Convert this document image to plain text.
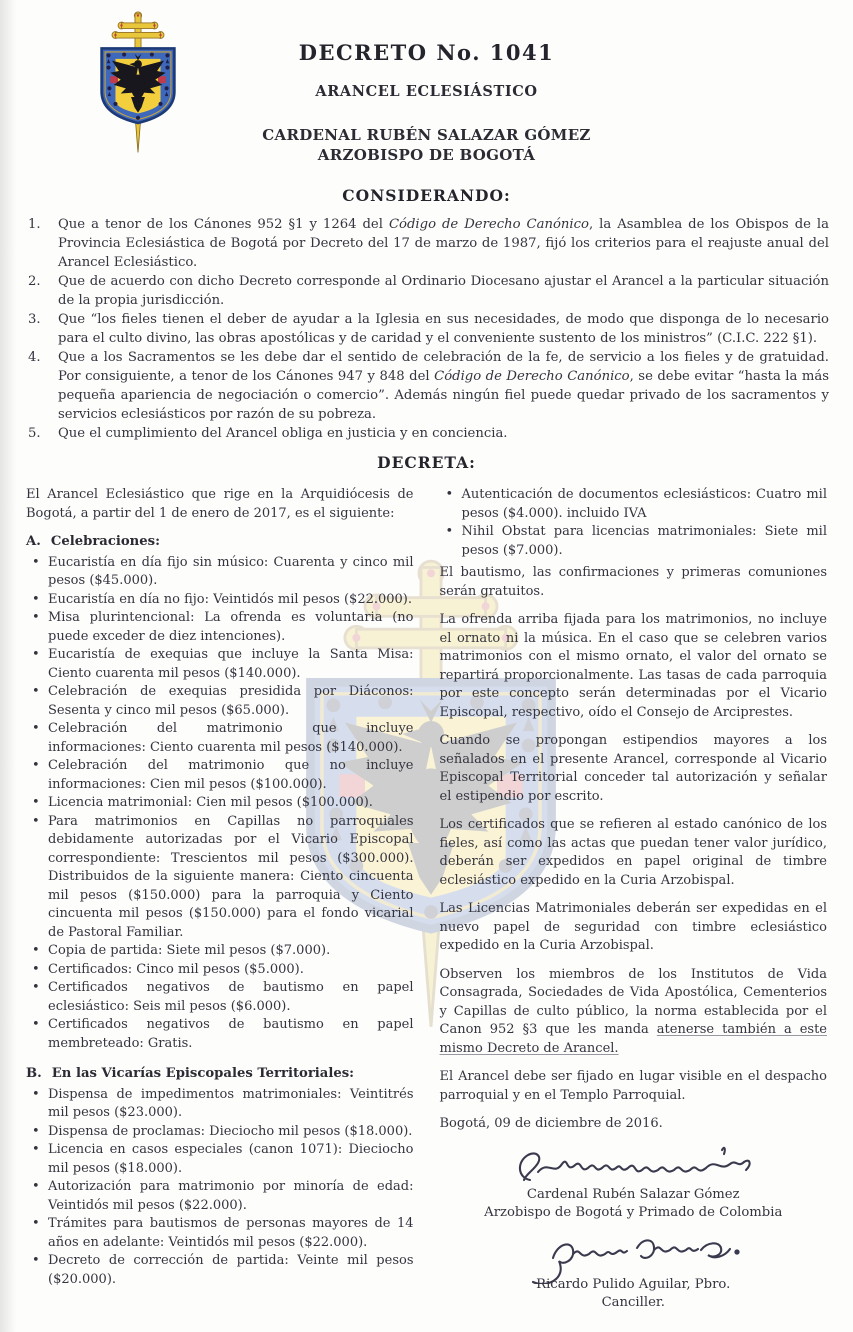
DECRETO No. 1041
ARANCEL ECLESIÁSTICO
CARDENAL RUBÉN SALAZAR GÓMEZ
ARZOBISPO DE BOGOTÁ
CONSIDERANDO:
1.	Que a tenor de los Cánones 952 §1 y 1264 del Código de Derecho Canónico, la Asamblea de los Obispos de la Provincia Eclesiástica de Bogotá por Decreto del 17 de marzo de 1987, fijó los criterios para el reajuste anual del Arancel Eclesiástico.
2.	Que de acuerdo con dicho Decreto corresponde al Ordinario Diocesano ajustar el Arancel a la particular situación de la propia jurisdicción.
3.	Que “los fieles tienen el deber de ayudar a la Iglesia en sus necesidades, de modo que disponga de lo necesario para el culto divino, las obras apostólicas y de caridad y el conveniente sustento de los ministros” (C.I.C. 222 §1).
4.	Que a los Sacramentos se les debe dar el sentido de celebración de la fe, de servicio a los fieles y de gratuidad. Por consiguiente, a tenor de los Cánones 947 y 848 del Código de Derecho Canónico, se debe evitar “hasta la más pequeña apariencia de negociación o comercio”. Además ningún fiel puede quedar privado de los sacramentos y servicios eclesiásticos por razón de su pobreza.
5.	Que el cumplimiento del Arancel obliga en justicia y en conciencia.
DECRETA:

El Arancel Eclesiástico que rige en la Arquidiócesis de Bogotá, a partir del 1 de enero de 2017, es el siguiente:

A. Celebraciones:
•
Eucaristía en día fijo sin músico: Cuarenta y cinco mil pesos ($45.000).
•
Eucaristía en día no fijo: Veintidós mil pesos ($22.000).
•
Misa plurintencional: La ofrenda es voluntaria (no puede exceder de diez intenciones).
•
Eucaristía de exequias que incluye la Santa Misa: Ciento cuarenta mil pesos ($140.000).
•
Celebración de exequias presidida por Diáconos: Sesenta y cinco mil pesos ($65.000).
•
Celebración del matrimonio que incluye informaciones: Ciento cuarenta mil pesos ($140.000).
•
Celebración del matrimonio que no incluye informaciones: Cien mil pesos ($100.000).
•
Licencia matrimonial: Cien mil pesos ($100.000).
•
Para matrimonios en Capillas no parroquiales debidamente autorizadas por el Vicario Episcopal correspondiente: Trescientos mil pesos ($300.000). Distribuidos de la siguiente manera: Ciento cincuenta mil pesos ($150.000) para la parroquia y Ciento cincuenta mil pesos ($150.000) para el fondo vicarial de Pastoral Familiar.
•
Copia de partida: Siete mil pesos ($7.000).
•
Certificados: Cinco mil pesos ($5.000).
•
Certificados negativos de bautismo en papel eclesiástico: Seis mil pesos ($6.000).
•
Certificados negativos de bautismo en papel membreteado: Gratis.
B. En las Vicarías Episcopales Territoriales:
•
Dispensa de impedimentos matrimoniales: Veintitrés mil pesos ($23.000).
•
Dispensa de proclamas: Dieciocho mil pesos ($18.000).
•
Licencia en casos especiales (canon 1071): Dieciocho mil pesos ($18.000).
•
Autorización para matrimonio por minoría de edad: Veintidós mil pesos ($22.000).
•
Trámites para bautismos de personas mayores de 14 años en adelante: Veintidós mil pesos ($22.000).
•
Decreto de corrección de partida: Veinte mil pesos ($20.000).
•
Autenticación de documentos eclesiásticos: Cuatro mil pesos ($4.000). incluido IVA
•
Nihil Obstat para licencias matrimoniales: Siete mil pesos ($7.000).

El bautismo, las confirmaciones y primeras comuniones serán gratuitos.

La ofrenda arriba fijada para los matrimonios, no incluye el ornato ni la música. En el caso que se celebren varios matrimonios con el mismo ornato, el valor del ornato se repartirá proporcionalmente. Las tasas de cada parroquia por este concepto serán determinadas por el Vicario Episcopal, respectivo, oído el Consejo de Arciprestes.

Cuando se propongan estipendios mayores a los señalados en el presente Arancel, corresponde al Vicario Episcopal Territorial conceder tal autorización y señalar el estipendio por escrito.

Los certificados que se refieren al estado canónico de los fieles, así como las actas que puedan tener valor jurídico, deberán ser expedidos en papel original de timbre eclesiástico expedido en la Curia Arzobispal.

Las Licencias Matrimoniales deberán ser expedidas en el nuevo papel de seguridad con timbre eclesiástico expedido en la Curia Arzobispal.

Observen los miembros de los Institutos de Vida Consagrada, Sociedades de Vida Apostólica, Cementerios y Capillas de culto público, la norma establecida por el Canon 952 §3 que les manda atenerse también a este mismo Decreto de Arancel.

El Arancel debe ser fijado en lugar visible en el despacho parroquial y en el Templo Parroquial.

Bogotá, 09 de diciembre de 2016.

Cardenal Rubén Salazar Gómez
Arzobispo de Bogotá y Primado de Colombia
Ricardo Pulido Aguilar, Pbro.
Canciller.
